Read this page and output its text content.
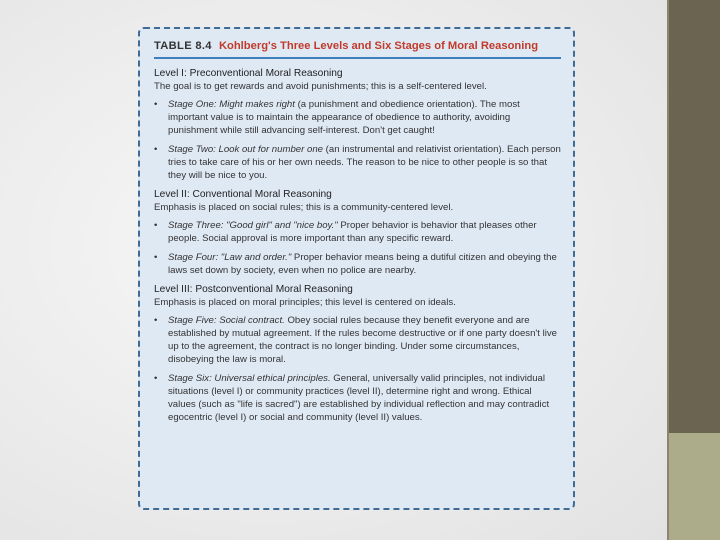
TABLE 8.4 Kohlberg's Three Levels and Six Stages of Moral Reasoning
Level I: Preconventional Moral Reasoning
The goal is to get rewards and avoid punishments; this is a self-centered level.
• Stage One: Might makes right (a punishment and obedience orientation). The most important value is to maintain the appearance of obedience to authority, avoiding punishment while still advancing self-interest. Don't get caught!
• Stage Two: Look out for number one (an instrumental and relativist orientation). Each person tries to take care of his or her own needs. The reason to be nice to other people is so that they will be nice to you.
Level II: Conventional Moral Reasoning
Emphasis is placed on social rules; this is a community-centered level.
• Stage Three: "Good girl" and "nice boy." Proper behavior is behavior that pleases other people. Social approval is more important than any specific reward.
• Stage Four: "Law and order." Proper behavior means being a dutiful citizen and obeying the laws set down by society, even when no police are nearby.
Level III: Postconventional Moral Reasoning
Emphasis is placed on moral principles; this level is centered on ideals.
• Stage Five: Social contract. Obey social rules because they benefit everyone and are established by mutual agreement. If the rules become destructive or if one party doesn't live up to the agreement, the contract is no longer binding. Under some circumstances, disobeying the law is moral.
• Stage Six: Universal ethical principles. General, universally valid principles, not individual situations (level I) or community practices (level II), determine right and wrong. Ethical values (such as "life is sacred") are established by individual reflection and may contradict egocentric (level I) or social and community (level II) values.
